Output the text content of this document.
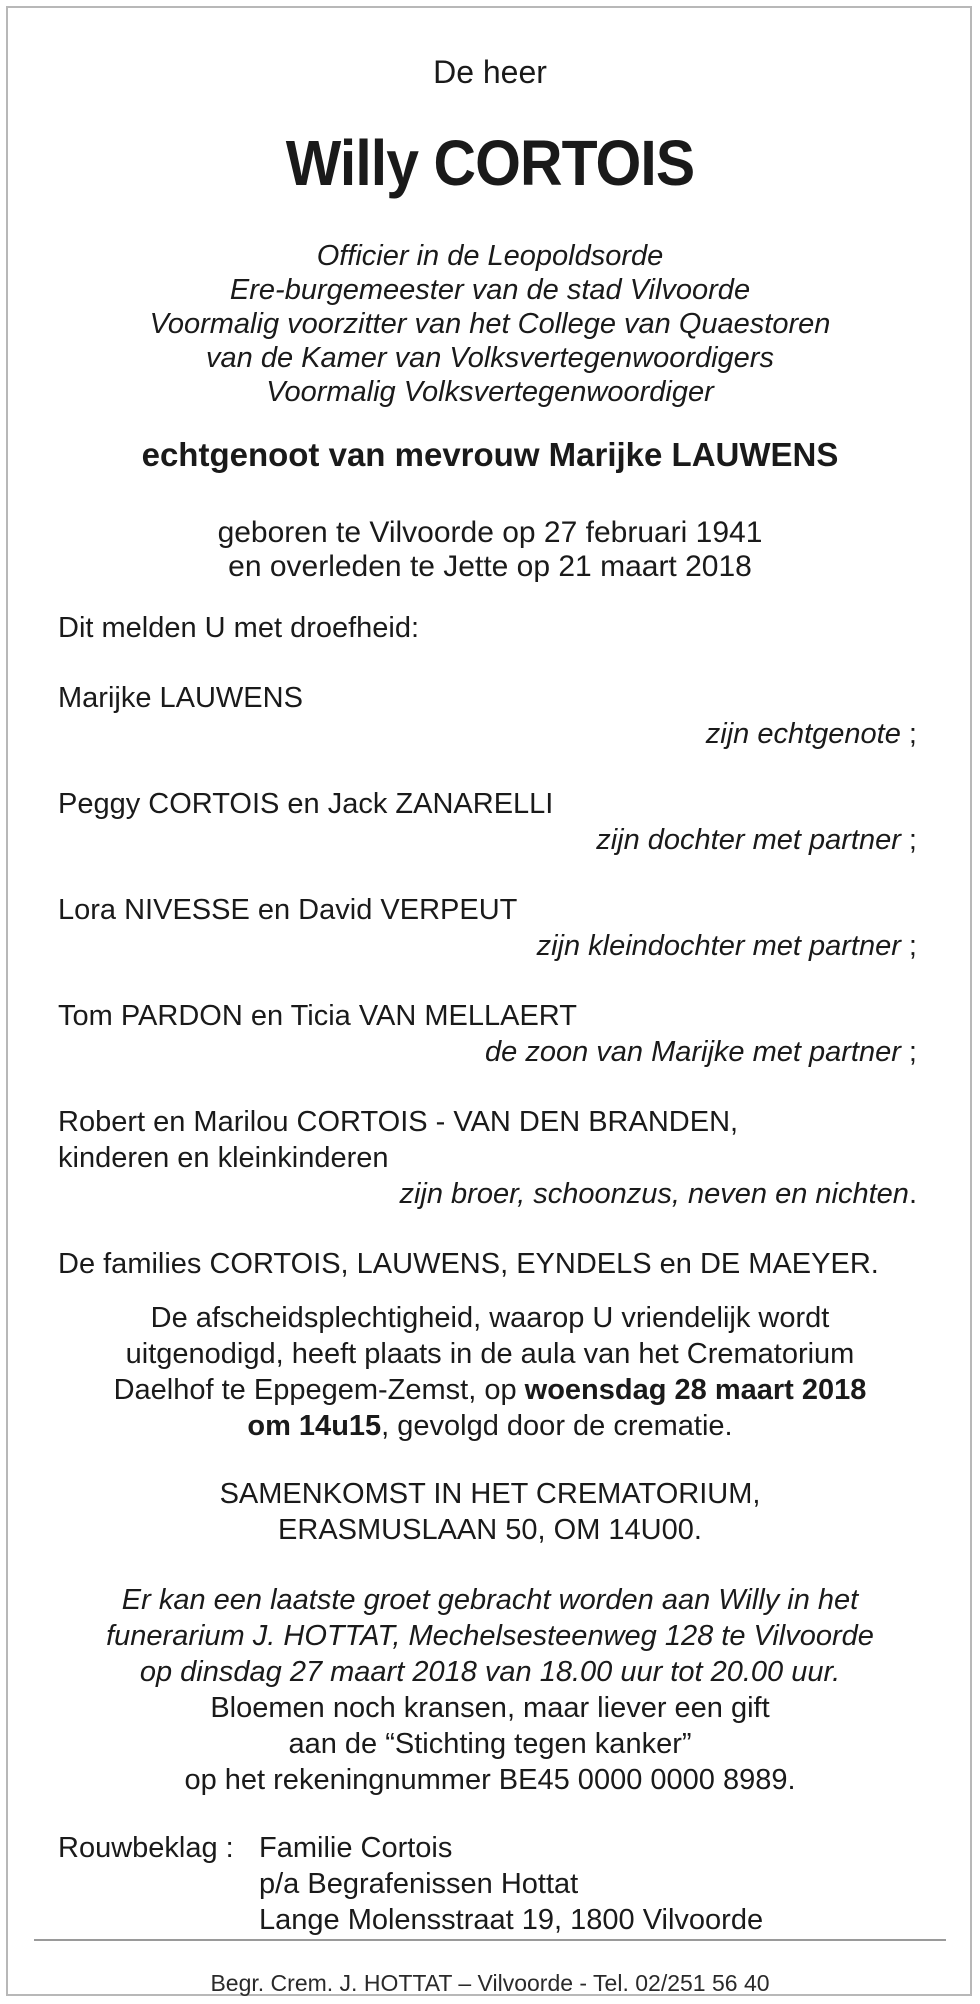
De heer
Willy CORTOIS
Officier in de Leopoldsorde
Ere-burgemeester van de stad Vilvoorde
Voormalig voorzitter van het College van Quaestoren
van de Kamer van Volksvertegenwoordigers
Voormalig Volksvertegenwoordiger
echtgenoot van mevrouw Marijke LAUWENS
geboren te Vilvoorde op 27 februari 1941
en overleden te Jette op 21 maart 2018
Dit melden U met droefheid:
Marijke LAUWENS
zijn echtgenote ;
Peggy CORTOIS en Jack ZANARELLI
zijn dochter met partner ;
Lora NIVESSE en David VERPEUT
zijn kleindochter met partner ;
Tom PARDON en Ticia VAN MELLAERT
de zoon van Marijke met partner ;
Robert en Marilou CORTOIS - VAN DEN BRANDEN,
kinderen en kleinkinderen
zijn broer, schoonzus, neven en nichten.
De families CORTOIS, LAUWENS, EYNDELS en DE MAEYER.
De afscheidsplechtigheid, waarop U vriendelijk wordt
uitgenodigd, heeft plaats in de aula van het Crematorium
Daelhof te Eppegem-Zemst, op woensdag 28 maart 2018
om 14u15, gevolgd door de crematie.
SAMENKOMST IN HET CREMATORIUM,
ERASMUSLAAN 50, OM 14U00.
Er kan een laatste groet gebracht worden aan Willy in het
funerarium J. HOTTAT, Mechelsesteenweg 128 te Vilvoorde
op dinsdag 27 maart 2018 van 18.00 uur tot 20.00 uur.
Bloemen noch kransen, maar liever een gift
aan de “Stichting tegen kanker”
op het rekeningnummer BE45 0000 0000 8989.
Rouwbeklag : Familie Cortois
p/a Begrafenissen Hottat
Lange Molensstraat 19, 1800 Vilvoorde
Begr. Crem. J. HOTTAT – Vilvoorde - Tel. 02/251 56 40
